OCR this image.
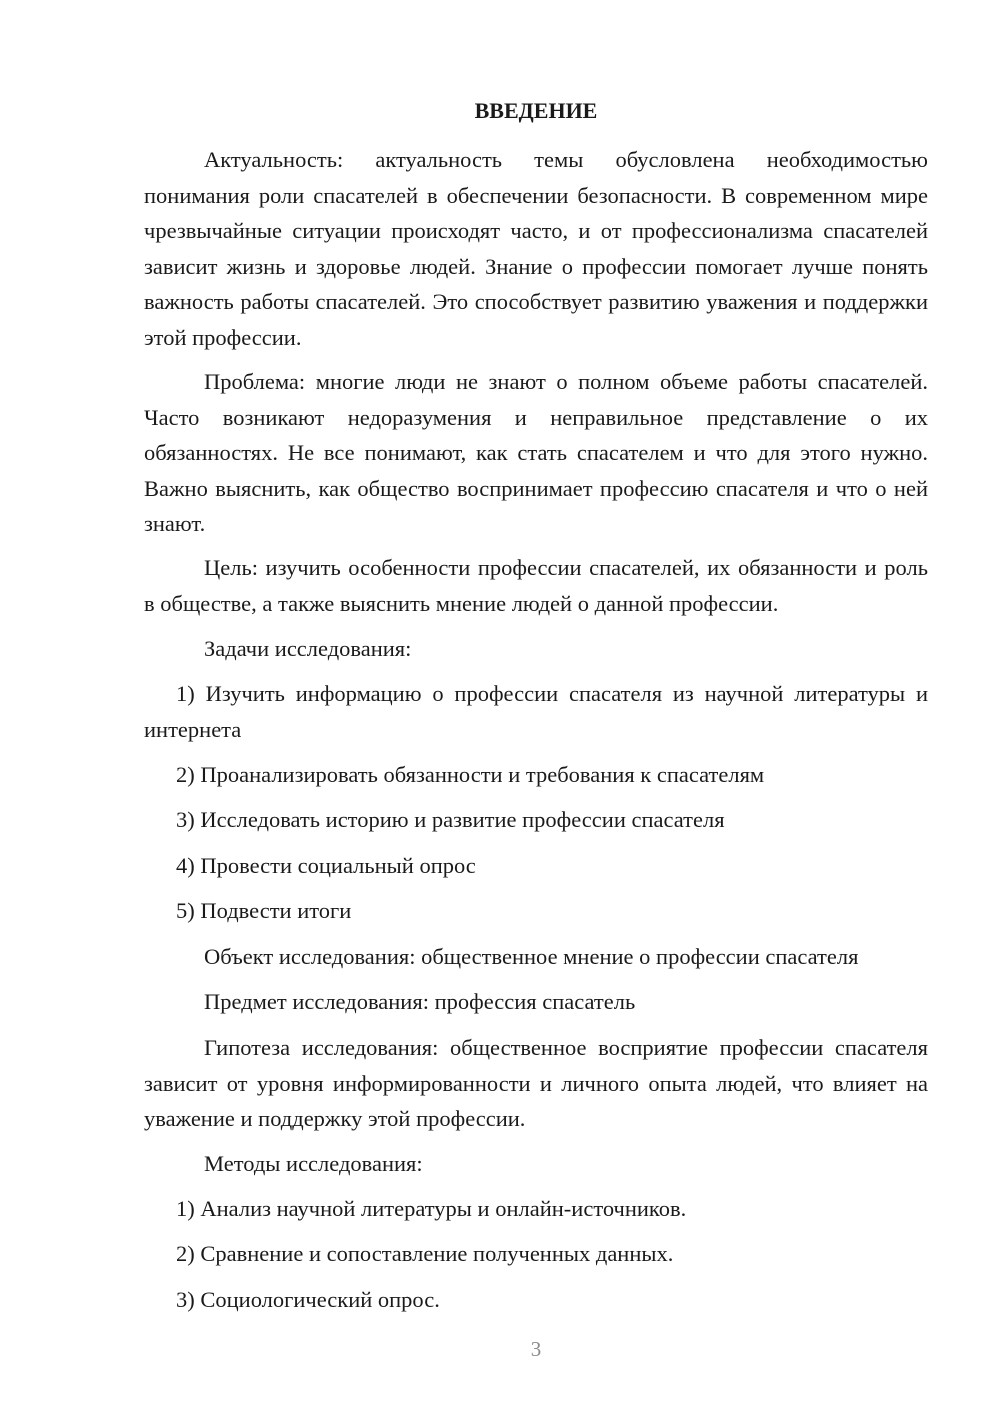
ВВЕДЕНИЕ

Актуальность: актуальность темы обусловлена необходимостью понимания роли спасателей в обеспечении безопасности. В современном мире чрезвычайные ситуации происходят часто, и от профессионализма спасателей зависит жизнь и здоровье людей. Знание о профессии помогает лучше понять важность работы спасателей. Это способствует развитию уважения и поддержки этой профессии.

Проблема: многие люди не знают о полном объеме работы спасателей. Часто возникают недоразумения и неправильное представление о их обязанностях. Не все понимают, как стать спасателем и что для этого нужно. Важно выяснить, как общество воспринимает профессию спасателя и что о ней знают.

Цель: изучить особенности профессии спасателей, их обязанности и роль в обществе, а также выяснить мнение людей о данной профессии.

Задачи исследования:

1) Изучить информацию о профессии спасателя из научной литературы и интернета

2) Проанализировать обязанности и требования к спасателям

3) Исследовать историю и развитие профессии спасателя

4) Провести социальный опрос

5) Подвести итоги

Объект исследования: общественное мнение о профессии спасателя

Предмет исследования: профессия спасатель

Гипотеза исследования: общественное восприятие профессии спасателя зависит от уровня информированности и личного опыта людей, что влияет на уважение и поддержку этой профессии.

Методы исследования:

1) Анализ научной литературы и онлайн-источников.

2) Сравнение и сопоставление полученных данных.

3) Социологический опрос.

3
